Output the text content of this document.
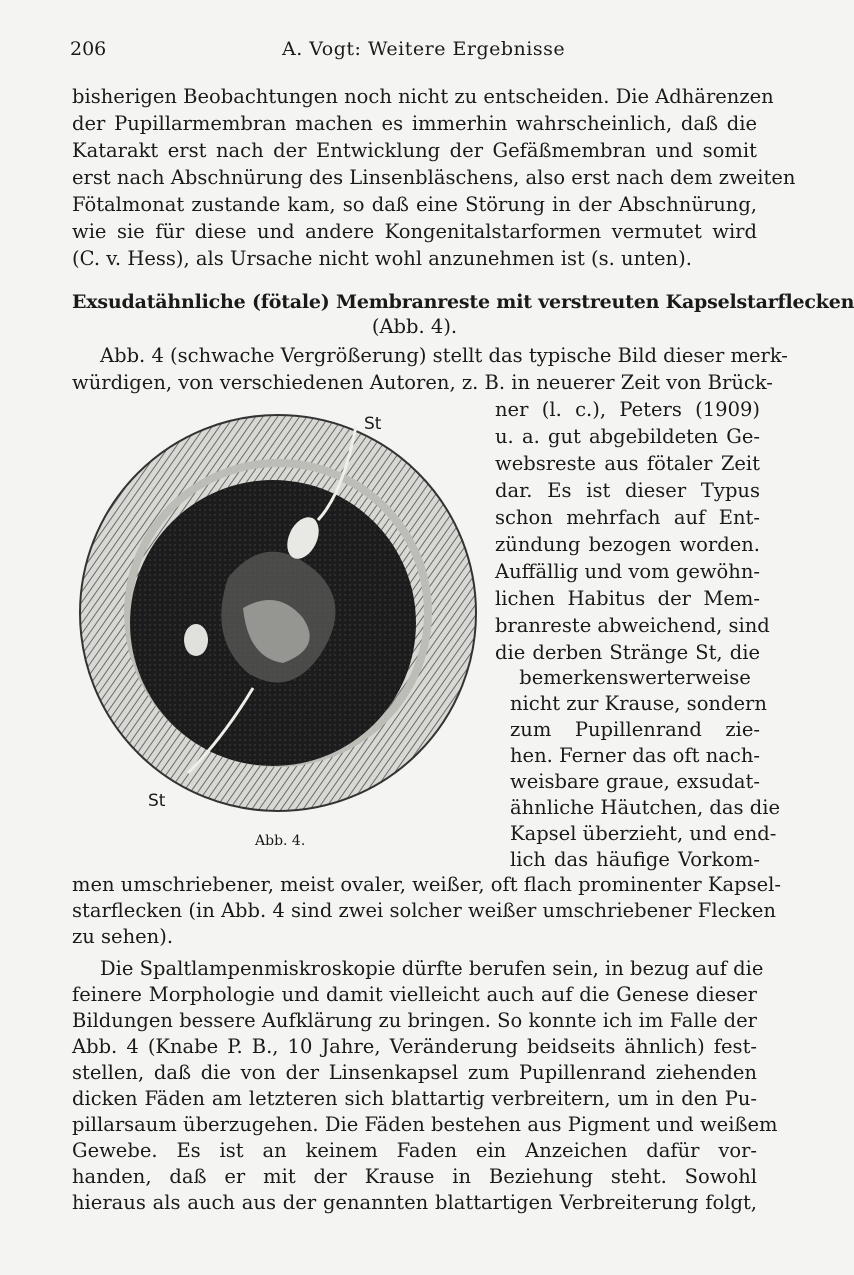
206	A. Vogt: Weitere Ergebnisse
bisherigen Beobachtungen noch nicht zu entscheiden. Die Adhärenzen
der Pupillarmembran machen es immerhin wahrscheinlich, daß die
Katarakt erst nach der Entwicklung der Gefäßmembran und somit
erst nach Abschnürung des Linsenbläschens, also erst nach dem zweiten
Fötalmonat zustande kam, so daß eine Störung in der Abschnürung,
wie sie für diese und andere Kongenitalstarformen vermutet wird
(C. v. Hess), als Ursache nicht wohl anzunehmen ist (s. unten).
Exsudatähnliche (fötale) Membranreste mit verstreuten Kapselstarflecken
(Abb. 4).
Abb. 4 (schwache Vergrößerung) stellt das typische Bild dieser merk-
würdigen, von verschiedenen Autoren, z. B. in neuerer Zeit von Brück-
ner (l. c.), Peters (1909)
u. a. gut abgebildeten Ge-
websreste aus fötaler Zeit
dar. Es ist dieser Typus
schon mehrfach auf Ent-
zündung bezogen worden.
Auffällig und vom gewöhn-
lichen Habitus der Mem-
branreste abweichend, sind
die derben Stränge St, die
bemerkenswerterweise
nicht zur Krause, sondern
zum Pupillenrand zie-
hen. Ferner das oft nach-
weisbare graue, exsudat-
ähnliche Häutchen, das die
Kapsel überzieht, und end-
lich das häufige Vorkom-
men umschriebener, meist ovaler, weißer, oft flach prominenter Kapsel-
starflecken (in Abb. 4 sind zwei solcher weißer umschriebener Flecken
zu sehen).
St
St
Abb. 4.
Die Spaltlampenmiskroskopie dürfte berufen sein, in bezug auf die
feinere Morphologie und damit vielleicht auch auf die Genese dieser
Bildungen bessere Aufklärung zu bringen. So konnte ich im Falle der
Abb. 4 (Knabe P. B., 10 Jahre, Veränderung beidseits ähnlich) fest-
stellen, daß die von der Linsenkapsel zum Pupillenrand ziehenden
dicken Fäden am letzteren sich blattartig verbreitern, um in den Pu-
pillarsaum überzugehen. Die Fäden bestehen aus Pigment und weißem
Gewebe. Es ist an keinem Faden ein Anzeichen dafür vor-
handen, daß er mit der Krause in Beziehung steht. Sowohl
hieraus als auch aus der genannten blattartigen Verbreiterung folgt,
